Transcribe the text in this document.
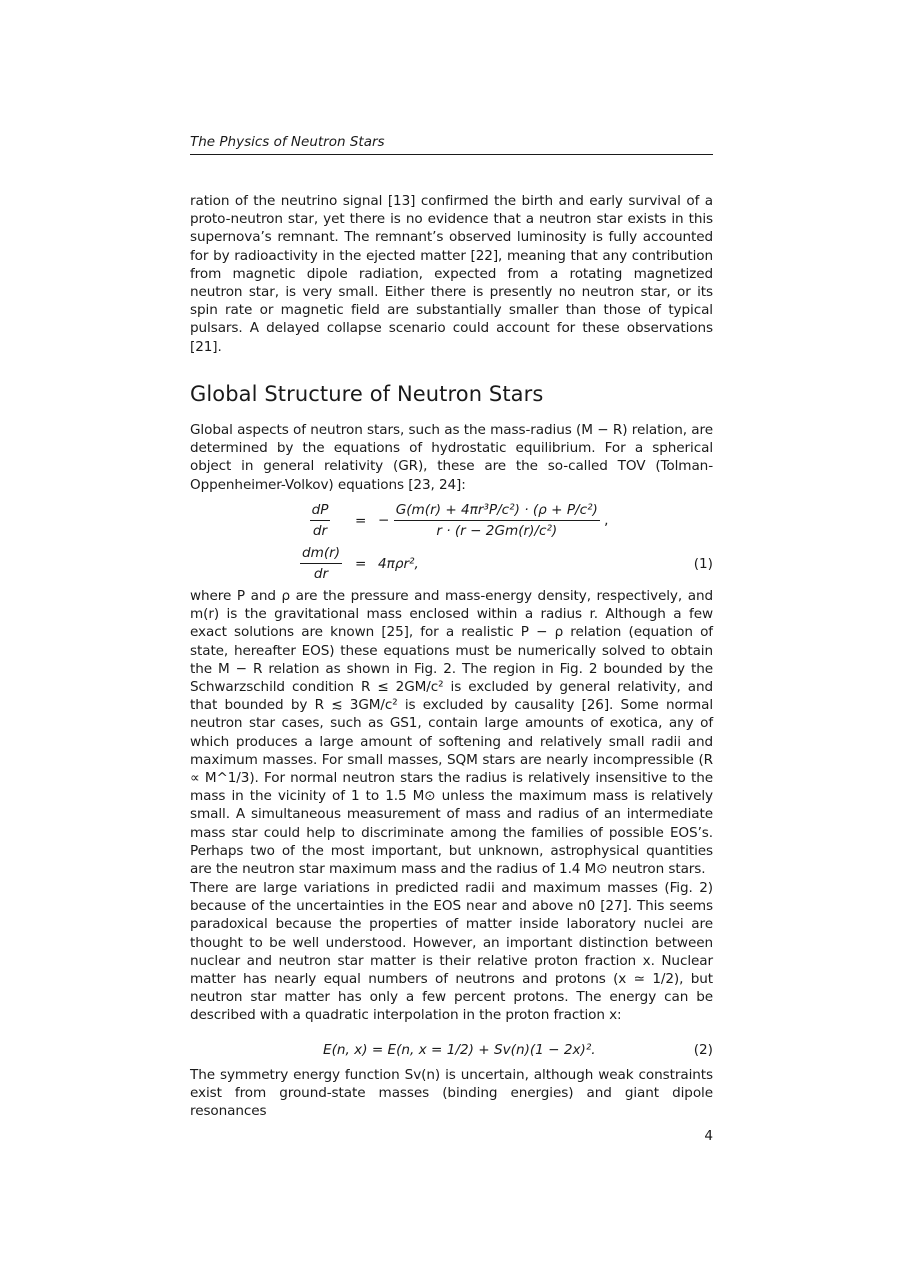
The Physics of Neutron Stars

ration of the neutrino signal [13] confirmed the birth and early survival of a proto-neutron star, yet there is no evidence that a neutron star exists in this supernova’s remnant. The remnant’s observed luminosity is fully accounted for by radioactivity in the ejected matter [22], meaning that any contribution from magnetic dipole radiation, expected from a rotating magnetized neutron star, is very small. Either there is presently no neutron star, or its spin rate or magnetic field are substantially smaller than those of typical pulsars. A delayed collapse scenario could account for these observations [21].

Global Structure of Neutron Stars

Global aspects of neutron stars, such as the mass-radius (M − R) relation, are determined by the equations of hydrostatic equilibrium. For a spherical object in general relativity (GR), these are the so-called TOV (Tolman-Oppenheimer-Volkov) equations [23, 24]:

$\frac{dP}{dr}$ = − $\frac{\text{G(m(r) + 4πr³P/c²) · (ρ + P/c²)}}{\text{r · (r − 2Gm(r)/c²)}}$ ,
$\frac{dm(r)}{dr} = 4\pi\rho r^2$,	(1)

where P and ρ are the pressure and mass-energy density, respectively, and m(r) is the gravitational mass enclosed within a radius r. Although a few exact solutions are known [25], for a realistic P − ρ relation (equation of state, hereafter EOS) these equations must be numerically solved to obtain the M − R relation as shown in Fig. 2. The region in Fig. 2 bounded by the Schwarzschild condition R ≤ 2GM/c² is excluded by general relativity, and that bounded by R ≲ 3GM/c² is excluded by causality [26]. Some normal neutron star cases, such as GS1, contain large amounts of exotica, any of which produces a large amount of softening and relatively small radii and maximum masses. For small masses, SQM stars are nearly incompressible (R ∝ M^1/3). For normal neutron stars the radius is relatively insensitive to the mass in the vicinity of 1 to 1.5 M⊙ unless the maximum mass is relatively small. A simultaneous measurement of mass and radius of an intermediate mass star could help to discriminate among the families of possible EOS’s. Perhaps two of the most important, but unknown, astrophysical quantities are the neutron star maximum mass and the radius of 1.4 M⊙ neutron stars.

There are large variations in predicted radii and maximum masses (Fig. 2) because of the uncertainties in the EOS near and above n0 [27]. This seems paradoxical because the properties of matter inside laboratory nuclei are thought to be well understood. However, an important distinction between nuclear and neutron star matter is their relative proton fraction x. Nuclear matter has nearly equal numbers of neutrons and protons (x ≃ 1/2), but neutron star matter has only a few percent protons. The energy can be described with a quadratic interpolation in the proton fraction x:

E(n, x) = E(n, x = 1/2) + Sv(n)(1 − 2x)².	(2)

The symmetry energy function Sv(n) is uncertain, although weak constraints exist from ground-state masses (binding energies) and giant dipole resonances

4
